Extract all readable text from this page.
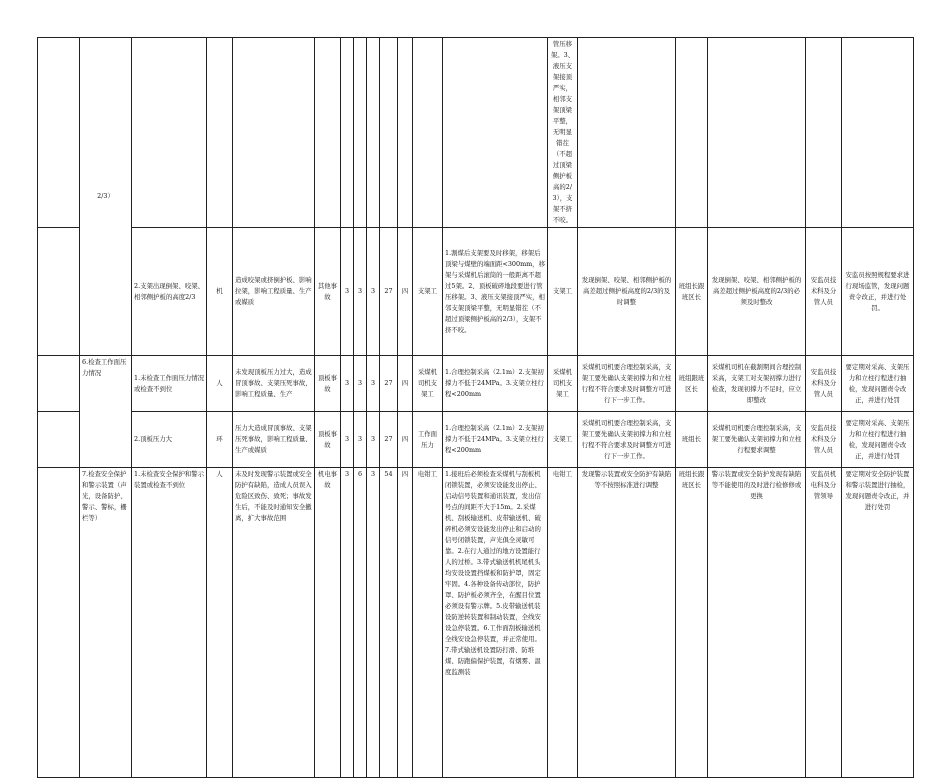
	2/3）												管压移架。3、液压支架接顶严实，相邻支架顶梁平整，无明显错茬（不超过顶梁侧护板高的2/3），支架不挤不咬。					
		2.支架出现倒架、咬架、相邻侧护板的高度2/3	机	造成咬架或挤倒护板、影响拉架，影响工程质量、生产或媒质	其他事故	3	3	3	27	四	支架工	1.割煤后支架要及时移架，移架后顶梁与煤壁的端面距<300mm，移架与采煤机后滚筒的一般距离不超过5架。2、顶板破碎地段要进行管压移架。3、液压支架接顶严实，相邻支架顶梁平整，无明显错茬（不超过顶梁侧护板高的2/3），支架不挤不咬。	支架工	发现倒架、咬架、相邻侧护板的高差超过侧护板高度的2/3的及时调整	班组长跟班区长	发现倒架、咬架、相邻侧护板的高差超过侧护板高度的2/3的必须及时整改	安监员技术科及分管人员	安监员按照规程要求进行现场监管，发现问题责令改正，并进行处罚。
	6.检查工作面压力情况	1.未检查工作面压力情况或检查不到位	人	未发现顶板压力过大，造成冒顶事故、支架压死事故，影响工程质量、生产	顶板事故	3	3	3	27	四	采煤机司机支架工	1.合理控制采高（2.1m）2.支架初撑力不低于24MPa。3.支架立柱行程<200mm	采煤机司机支架工	采煤机司机要合理控制采高，支架工要先确认支架初撑力和立柱行程不符合要求及时调整方可进行下一步工作。	班组跟班区长	采煤机司机在截割期间合理控制采高，支架工对支架初撑力进行检查，发现初撑力不足时，应立即整改	安监员技术科及分管人员	要定期对采高、支架压力和立柱行程进行抽检，发现问题责令改正，并进行处罚
		2.顶板压力大	环	压力大造成冒顶事故、支架压死事故，影响工程质量、生产或媒质	顶板事故	3	3	3	27	四	工作面压力	1.合理控制采高（2.1m）2.支架初撑力不低于24MPa。3.支架立柱行程<200mm	支架工	采煤机司机要合理控制采高，支架工要先确认支架初撑力和立柱行程不符合要求及时调整方可进行下一步工作。	班组长	采煤机司机要合理控制采高，支架工要先确认支架初撑力和立柱行程要求调整	安监员技术科及分管人员	要定期对采高、支架压力和立柱行程进行抽检，发现问题责令改正，并进行处罚
	7.检查安全保护和警示装置（声光，设备防护、警示、警标，栅栏等）	1.未检查安全保护和警示装置或检查不到位	人	未及时发现警示装置或安全防护有缺陷，造成人员误入危险区致伤、致死；事故发生后，不能及时通知安全撤离，扩大事故范围	机电事故	3	6	3	54	四	电钳工	1.接班后必须检查采煤机与刮板机闭锁装置，必须安设能发出停止、启动信号装置和通讯装置，发出信号点的间距不大于15m。2.采煤机、刮板输送机、皮带输送机、破碎机必须安设能发出停止和启动的信号闭锁装置，声光俱全灵敏可靠。2.在行人通过的地方设置能行人的过桥。3.带式输送机机尾机头均安设设置挡煤板和防护罩，固定牢固。4.各种设备传动部位，防护罩、防护板必须齐全，在醒目位置必须设有警示牌。5.皮带输送机装设防逆转装置和制动装置，全线安设急停装置。6.工作面刮板输送机全线安设急停装置，并正常使用。7.带式输送机设置防打滑、防堆煤、防跑偏保护装置，有烟雾、温度监测装	电钳工	发现警示装置或安全防护有缺陷等不按照标准进行调整	班组长跟班区长	警示装置或安全防护发现有缺陷等不能使用的及时进行检修修或更换	安监员机电科及分管领导	要定期对安全防护装置和警示装置进行抽检，发现问题责令改正，并进行处罚
